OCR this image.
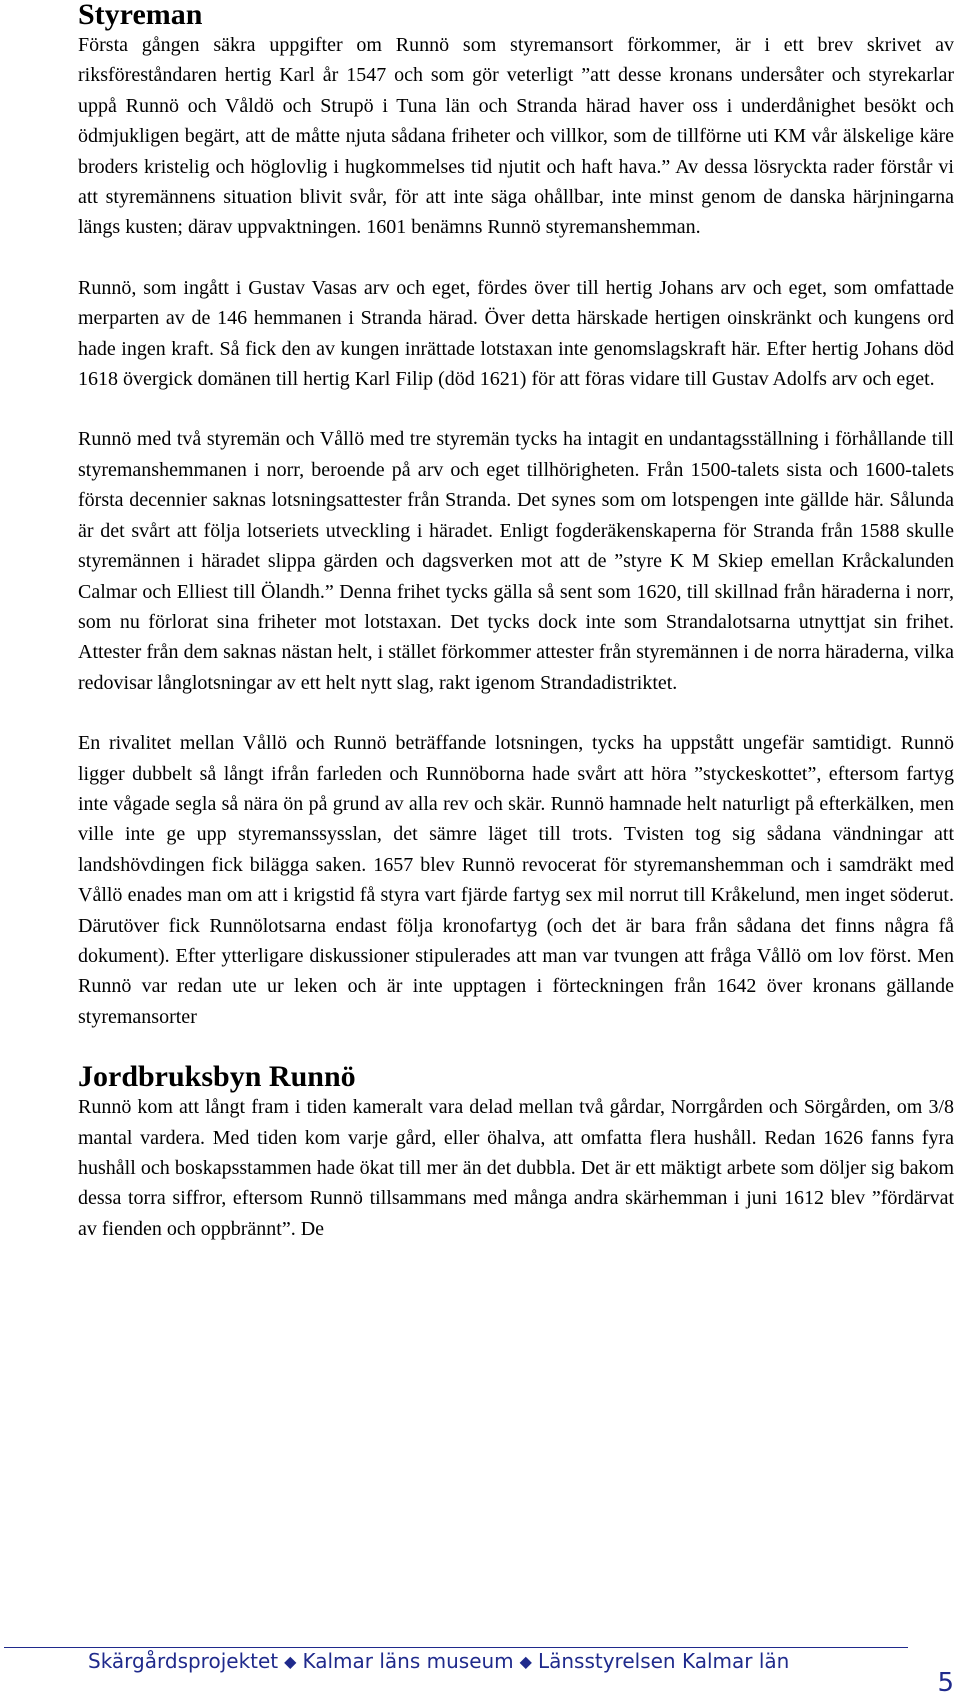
Styreman

Första gången säkra uppgifter om Runnö som styremansort förkommer, är i ett brev skrivet av riksföreståndaren hertig Karl år 1547 och som gör veterligt ”att desse kronans undersåter och styrekarlar uppå Runnö och Våldö och Strupö i Tuna län och Stranda härad haver oss i underdånighet besökt och ödmjukligen begärt, att de måtte njuta sådana friheter och villkor, som de tillförne uti KM vår älskelige käre broders kristelig och höglovlig i hugkommelses tid njutit och haft hava.” Av dessa lösryckta rader förstår vi att styremännens situation blivit svår, för att inte säga ohållbar, inte minst genom de danska härjningarna längs kusten; därav uppvaktningen. 1601 benämns Runnö styremanshemman.

Runnö, som ingått i Gustav Vasas arv och eget, fördes över till hertig Johans arv och eget, som omfattade merparten av de 146 hemmanen i Stranda härad. Över detta härskade hertigen oinskränkt och kungens ord hade ingen kraft. Så fick den av kungen inrättade lotstaxan inte genomslagskraft här. Efter hertig Johans död 1618 övergick domänen till hertig Karl Filip (död 1621) för att föras vidare till Gustav Adolfs arv och eget.

Runnö med två styremän och Vållö med tre styremän tycks ha intagit en undantagsställning i förhållande till styremanshemmanen i norr, beroende på arv och eget tillhörigheten. Från 1500-talets sista och 1600-talets första decennier saknas lotsningsattester från Stranda. Det synes som om lotspengen inte gällde här. Sålunda är det svårt att följa lotseriets utveckling i häradet. Enligt fogderäkenskaperna för Stranda från 1588 skulle styremännen i häradet slippa gärden och dagsverken mot att de ”styre K M Skiep emellan Kråckalunden Calmar och Elliest till Ölandh.” Denna frihet tycks gälla så sent som 1620, till skillnad från häraderna i norr, som nu förlorat sina friheter mot lotstaxan. Det tycks dock inte som Strandalotsarna utnyttjat sin frihet. Attester från dem saknas nästan helt, i stället förkommer attester från styremännen i de norra häraderna, vilka redovisar långlotsningar av ett helt nytt slag, rakt igenom Strandadistriktet.

En rivalitet mellan Vållö och Runnö beträffande lotsningen, tycks ha uppstått ungefär samtidigt. Runnö ligger dubbelt så långt ifrån farleden och Runnöborna hade svårt att höra ”styckeskottet”, eftersom fartyg inte vågade segla så nära ön på grund av alla rev och skär. Runnö hamnade helt naturligt på efterkälken, men ville inte ge upp styremanssysslan, det sämre läget till trots. Tvisten tog sig sådana vändningar att landshövdingen fick bilägga saken. 1657 blev Runnö revocerat för styremanshemman och i samdräkt med Vållö enades man om att i krigstid få styra vart fjärde fartyg sex mil norrut till Kråkelund, men inget söderut. Därutöver fick Runnölotsarna endast följa kronofartyg (och det är bara från sådana det finns några få dokument). Efter ytterligare diskussioner stipulerades att man var tvungen att fråga Vållö om lov först. Men Runnö var redan ute ur leken och är inte upptagen i förteckningen från 1642 över kronans gällande styremansorter

Jordbruksbyn Runnö

Runnö kom att långt fram i tiden kameralt vara delad mellan två gårdar, Norrgården och Sörgården, om 3/8 mantal vardera. Med tiden kom varje gård, eller öhalva, att omfatta flera hushåll. Redan 1626 fanns fyra hushåll och boskapsstammen hade ökat till mer än det dubbla. Det är ett mäktigt arbete som döljer sig bakom dessa torra siffror, eftersom Runnö tillsammans med många andra skärhemman i juni 1612 blev ”fördärvat av fienden och oppbrännt”. De

Skärgårdsprojektet ◆ Kalmar läns museum ◆ Länsstyrelsen Kalmar län
5
